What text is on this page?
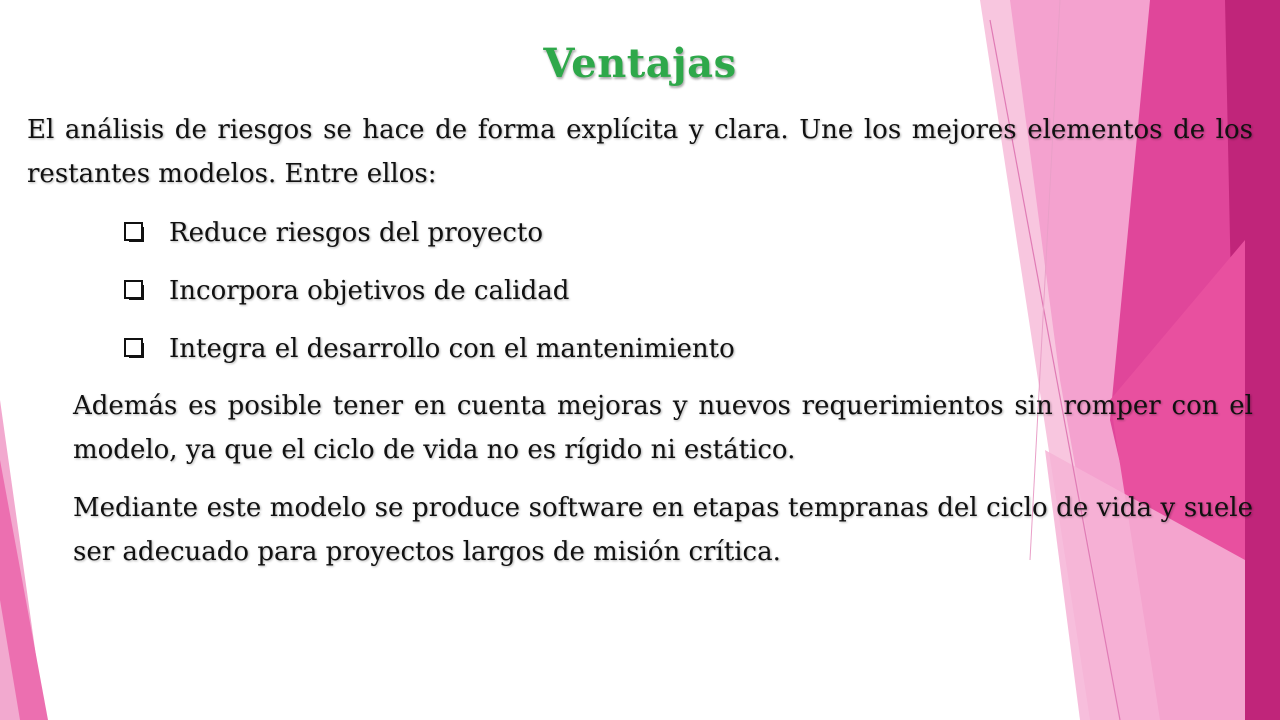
Ventajas

El análisis de riesgos se hace de forma explícita y clara. Une los mejores elementos de los restantes modelos. Entre ellos:

Reduce riesgos del proyecto
Incorpora objetivos de calidad
Integra el desarrollo con el mantenimiento

Además es posible tener en cuenta mejoras y nuevos requerimientos sin romper con el modelo, ya que el ciclo de vida no es rígido ni estático.

Mediante este modelo se produce software en etapas tempranas del ciclo de vida y suele ser adecuado para proyectos largos de misión crítica.
